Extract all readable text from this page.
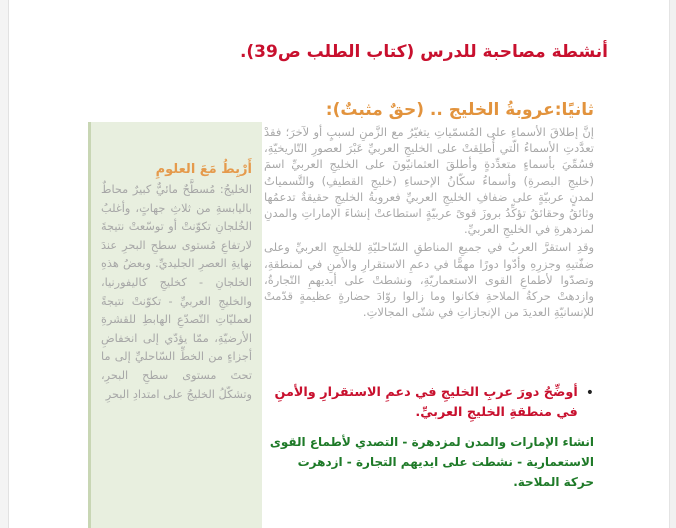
أنشطة مصاحبة للدرس (كتاب الطلب ص39).
ثانيًا:عروبةُ الخليج .. (حقٌ مثبتٌ):

إنَّ إطلاقَ الأسماءِ على المُسمّياتِ يتغيّرُ مع الزَّمنِ لسببٍ أو لآخرَ؛ فقدْ تعدَّدتِ الأسماءُ الّتي أُطلِقتْ على الخليجِ العربيِّ عَبْرَ لعصورِ التّاريخيّةِ، فسُمِّيَ بأسماءٍ متعدِّدةٍ وأطلقَ العثمانيّونَ على الخليجِ العربيِّ اسمَ (خليجِ البصرةِ) وأسماءُ سكّانُ الإحساءِ (خليجِ القطيفِ) والتَّسمياتُ لمدنٍ عربيّةٍ على ضفافِ الخليجِ العربيِّ فعروبةُ الخليجِ حقيقةٌ تدعمُها وثائقُ وحقائقُ تؤكِّدُ بروزَ قوىً عربيّةٍ استطاعتْ إنشاءَ الإماراتِ والمدنِ لمزدهرةِ في الخليجِ العربيِّ.

وقدِ استقرَّ العربُ في جميعِ المناطقِ السّاحليّةِ للخليجِ العربيِّ وعلى ضفّتيهِ وجزرِهِ وأدّوا دورًا مهمًّا في دعمِ الاستقرارِ والأمنِ في لمنطقةِ، وتصدّوا لأطماعِ القوى الاستعماريّةِ، ونشطتْ على أيديهمِ التّجارةُ، وازدهتْ حركةُ الملاحةِ فكانوا وما زالوا روّادَ حضارةٍ عظيمةٍ قدّمتْ للإنسانيّةِ العديدَ من الإنجازاتِ في شتّى المجالاتِ.

أَرْبِطُ مَعَ العلومِ
الخليجُ: مُسطَّحٌ مائيٌّ كبيرٌ محاطٌ باليابسةِ من ثلاثِ جهاتٍ، وأغلبُ الخُلجانِ تكوّنتْ أو توسّعتْ نتيجةَ لارتفاعِ مُستوى سطحِ البحرِ عندَ نهايةِ العصرِ الجليديِّ. وبعضُ هذهِ الخلجانِ - كخليجِ كاليفورنيا، والخليجِ العربيِّ - تكوّنتْ نتيجةً لعمليّاتِ التّصدّعِ الهابطِ للقشرةِ الأرضيّةِ، ممّا يؤدّي إلى انخفاضِ أجزاءٍ من الخطِّ السّاحليِّ إلى ما تحتَ مستوى سطحِ البحرِ، وتشكّلُ الخليجُ على امتدادِ البحرِ	•
أوضِّحُ دورَ عربِ الخليجِ في دعمِ الاستقرارِ والأمنِ في منطقةِ الخليجِ العربيِّ.
انشاء الإمارات والمدن لمزدهرة - التصدي لأطماع القوى الاستعمارية - نشطت على ايديهم التجارة - ازدهرت حركة الملاحة.
